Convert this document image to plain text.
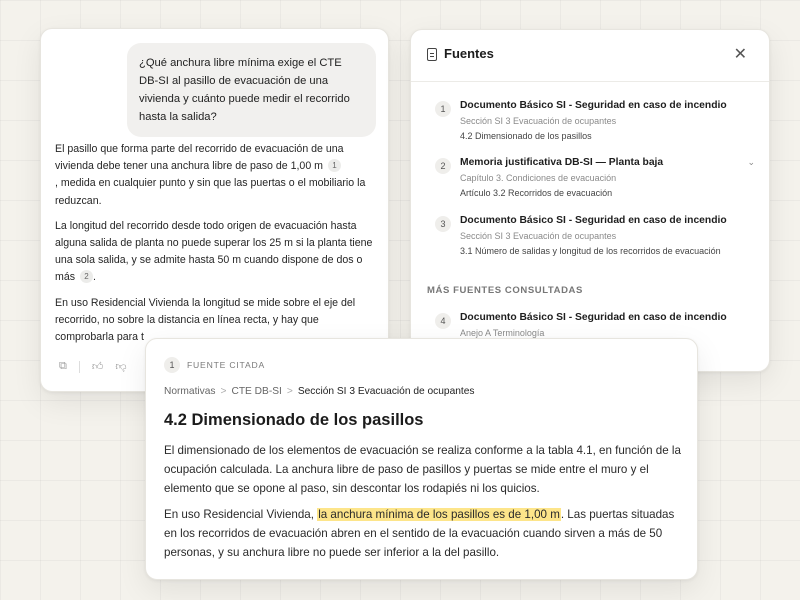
¿Qué anchura libre mínima exige el CTE DB-SI al pasillo de evacuación de una vivienda y cuánto puede medir el recorrido hasta la salida?

El pasillo que forma parte del recorrido de evacuación de una vivienda debe tener una anchura libre de paso de 1,00 m 1
, medida en cualquier punto y sin que las puertas o el mobiliario la reduzcan.

La longitud del recorrido desde todo origen de evacuación hasta alguna salida de planta no puede superar los 25 m si la planta tiene una sola salida, y se admite hasta 50 m cuando dispone de dos o más 2 .

En uso Residencial Vivienda la longitud se mide sobre el eje del recorrido, no sobre la distancia en línea recta, y hay que comprobarla para t

⧉ 👍︎ 👎︎
Fuentes	✕
1	Documento Básico SI - Seguridad en caso de incendio
Sección SI 3 Evacuación de ocupantes
4.2 Dimensionado de los pasillos
2	Memoria justificativa DB-SI — Planta baja	⌄
Capítulo 3. Condiciones de evacuación
Artículo 3.2 Recorridos de evacuación
3	Documento Básico SI - Seguridad en caso de incendio
Sección SI 3 Evacuación de ocupantes
3.1 Número de salidas y longitud de los recorridos de evacuación
MÁS FUENTES CONSULTADAS
4	Documento Básico SI - Seguridad en caso de incendio
Anejo A Terminología
1	FUENTE CITADA
Normativas > CTE DB-SI > Sección SI 3 Evacuación de ocupantes
4.2 Dimensionado de los pasillos

El dimensionado de los elementos de evacuación se realiza conforme a la tabla 4.1, en función de la ocupación calculada. La anchura libre de paso de pasillos y puertas se mide entre el muro y el elemento que se opone al paso, sin descontar los rodapiés ni los quicios.

En uso Residencial Vivienda, la anchura mínima de los pasillos es de 1,00 m. Las puertas situadas en los recorridos de evacuación abren en el sentido de la evacuación cuando sirven a más de 50 personas, y su anchura libre no puede ser inferior a la del pasillo.
